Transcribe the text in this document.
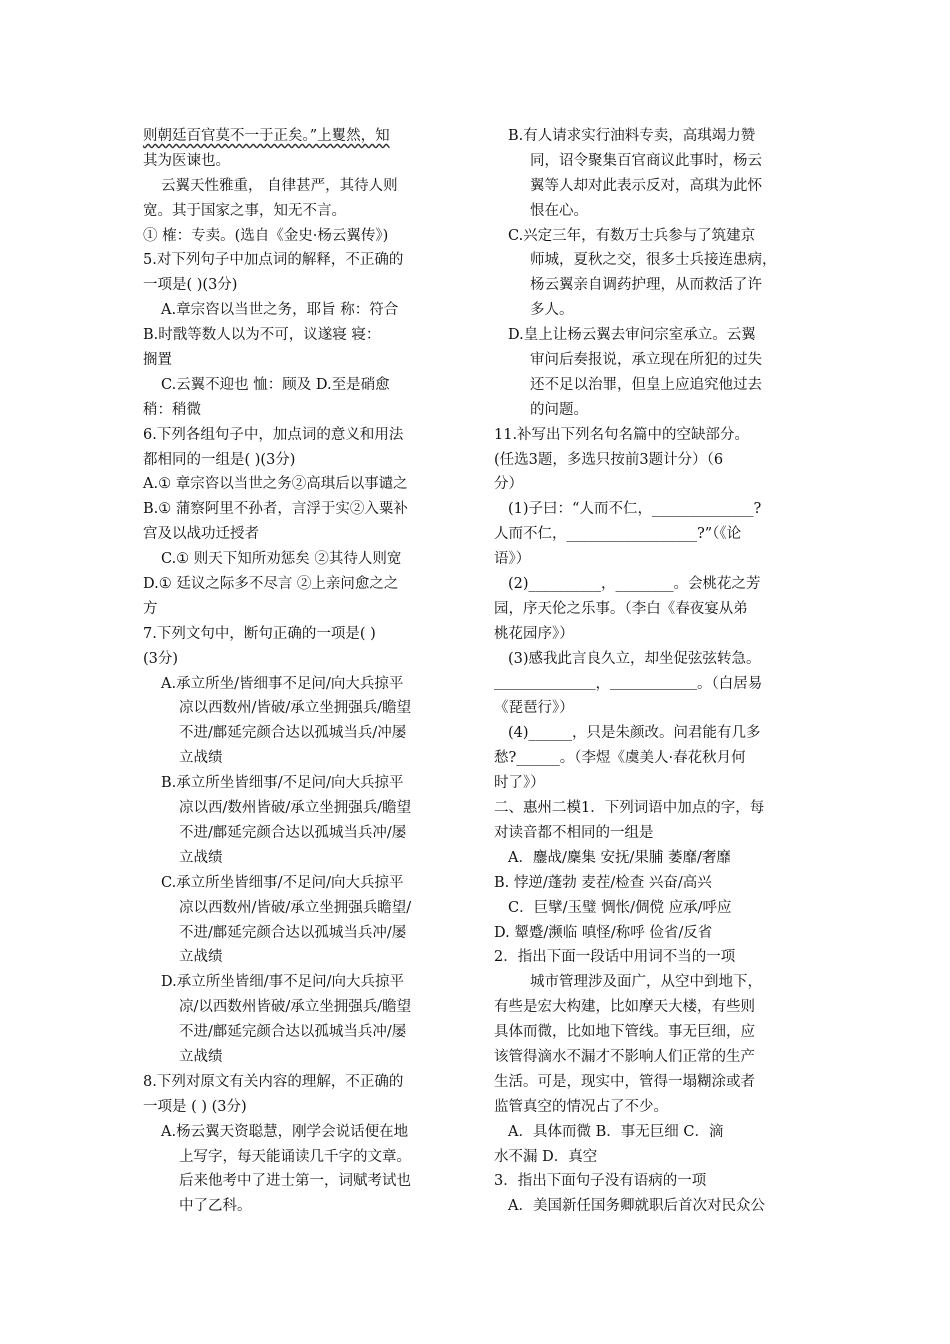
则朝廷百官莫不一于正矣。”上矍然，知
其为医谏也。
云翼天性雅重， 自律甚严，其待人则
宽。其于国家之事，知无不言。
① 榷：专卖。(选自《金史·杨云翼传》)
5.对下列句子中加点词的解释，不正确的
一项是( )(3分)
A.章宗咨以当世之务，耶旨 称：符合
B.时戬等数人以为不可，议遂寝 寝：
搁置
C.云翼不迎也 恤：顾及 D.至是硝愈
稍：稍微
6.下列各组句子中，加点词的意义和用法
都相同的一组是( )(3分)
A.① 章宗咨以当世之务②高琪后以事谴之
B.① 蒲察阿里不孙者，言浮于实②入粟补
宫及以战功迁授者
C.① 则天下知所劝惩矣 ②其待人则宽
D.① 廷议之际多不尽言 ②上亲问愈之之
方
7.下列文句中，断句正确的一项是( )
(3分)
A.承立所坐/皆细事不足问/向大兵掠平
凉以西数州/皆破/承立坐拥强兵/瞻望
不进/鄜延完颜合达以孤城当兵/冲屡
立战绩
B.承立所坐皆细事/不足问/向大兵掠平
凉以西/数州皆破/承立坐拥强兵/瞻望
不进/鄜延完颜合达以孤城当兵冲/屡
立战绩
C.承立所坐皆细事/不足问/向大兵掠平
凉以西数州/皆破/承立坐拥强兵瞻望/
不进/鄜延完颜合达以孤城当兵冲/屡
立战绩
D.承立所坐皆细/事不足问/向大兵掠平
凉/以西数州皆破/承立坐拥强兵/瞻望
不进/鄜延完颜合达以孤城当兵冲/屡
立战绩
8.下列对原文有关内容的理解，不正确的
一项是 ( ) (3分)
A.杨云翼天资聪慧，刚学会说话便在地
上写字，每天能诵读几千字的文章。
后来他考中了进士第一，词赋考试也
中了乙科。
B.有人请求实行油料专卖，高琪竭力赞
同，诏令聚集百官商议此事时，杨云
翼等人却对此表示反对，高琪为此怀
恨在心。
C.兴定三年，有数万士兵参与了筑建京
师城，夏秋之交，很多士兵接连患病，
杨云翼亲自调药护理，从而救活了许
多人。
D.皇上让杨云翼去审问宗室承立。云翼
审问后奏报说，承立现在所犯的过失
还不足以治罪，但皇上应追究他过去
的问题。
11.补写出下列名句名篇中的空缺部分。
(任选3题，多选只按前3题计分）（6
分）
(1)子曰：“人而不仁，______________?
人而不仁，__________________?”（《论
语》）
(2)__________，________。会桃花之芳
园，序天伦之乐事。（李白《春夜宴从弟
桃花园序》）
(3)感我此言良久立，却坐促弦弦转急。
＿＿＿＿＿＿＿，＿＿＿＿＿＿。（白居易
《琵琶行》）
(4)______，只是朱颜改。问君能有几多
愁?______。（李煜《虞美人·春花秋月何
时了》）
二、惠州二模1．下列词语中加点的字，每
对读音都不相同的一组是
A．鏖战/麇集 安抚/果脯 萎靡/奢靡
B. 悖逆/蓬勃 麦茬/检查 兴奋/高兴
C．巨擘/玉璧 惆怅/倜傥 应承/呼应
D. 颦蹙/濒临 嗔怪/称呼 俭省/反省
2．指出下面一段话中用词不当的一项
城市管理涉及面广，从空中到地下，
有些是宏大构建，比如摩天大楼，有些则
具体而微，比如地下管线。事无巨细，应
该管得滴水不漏才不影响人们正常的生产
生活。可是，现实中，管得一塌糊涂或者
监管真空的情况占了不少。
A．具体而微 B．事无巨细 C．滴
水不漏 D．真空
3．指出下面句子没有语病的一项
A．美国新任国务卿就职后首次对民众公
